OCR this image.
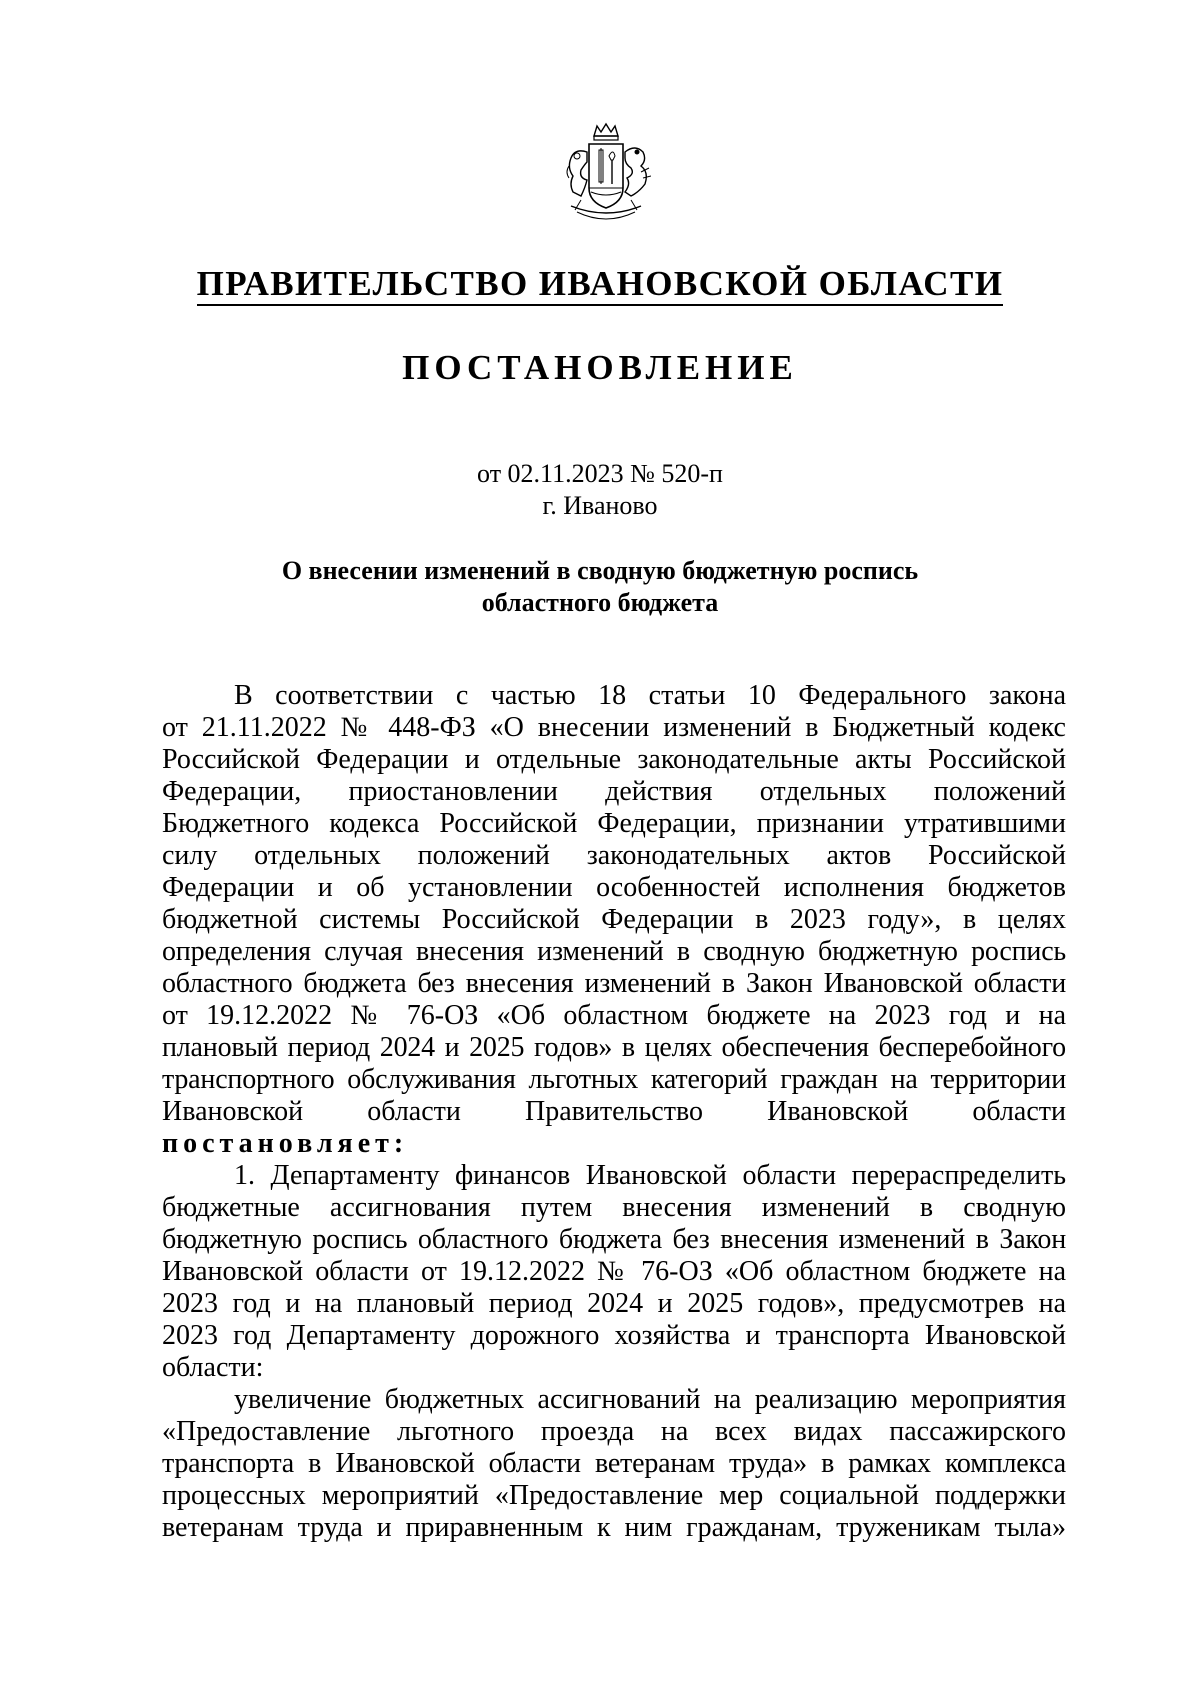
ПРАВИТЕЛЬСТВО ИВАНОВСКОЙ ОБЛАСТИ
ПОСТАНОВЛЕНИЕ
от 02.11.2023 № 520-п
г. Иваново
О внесении изменений в сводную бюджетную роспись
областного бюджета
В соответствии с частью 18 статьи 10 Федерального закона
от 21.11.2022 № 448-ФЗ «О внесении изменений в Бюджетный кодекс
Российской Федерации и отдельные законодательные акты Российской
Федерации, приостановлении действия отдельных положений
Бюджетного кодекса Российской Федерации, признании утратившими
силу отдельных положений законодательных актов Российской
Федерации и об установлении особенностей исполнения бюджетов
бюджетной системы Российской Федерации в 2023 году», в целях
определения случая внесения изменений в сводную бюджетную роспись
областного бюджета без внесения изменений в Закон Ивановской области
от 19.12.2022 № 76-ОЗ «Об областном бюджете на 2023 год и на
плановый период 2024 и 2025 годов» в целях обеспечения бесперебойного
транспортного обслуживания льготных категорий граждан на территории
Ивановской области Правительство Ивановской области
постановляет:
1. Департаменту финансов Ивановской области перераспределить
бюджетные ассигнования путем внесения изменений в сводную
бюджетную роспись областного бюджета без внесения изменений в Закон
Ивановской области от 19.12.2022 № 76-ОЗ «Об областном бюджете на
2023 год и на плановый период 2024 и 2025 годов», предусмотрев на
2023 год Департаменту дорожного хозяйства и транспорта Ивановской
области:
увеличение бюджетных ассигнований на реализацию мероприятия
«Предоставление льготного проезда на всех видах пассажирского
транспорта в Ивановской области ветеранам труда» в рамках комплекса
процессных мероприятий «Предоставление мер социальной поддержки
ветеранам труда и приравненным к ним гражданам, труженикам тыла»
